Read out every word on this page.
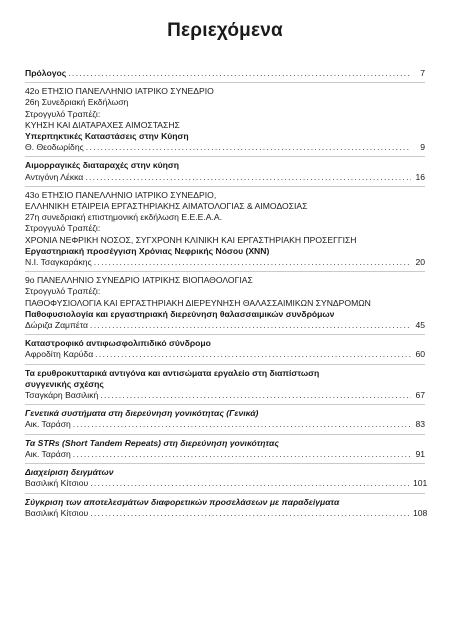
Περιεχόμενα
Πρόλογος .....	7
42ο ΕΤΗΣΙΟ ΠΑΝΕΛΛΗΝΙΟ ΙΑΤΡΙΚΟ ΣΥΝΕΔΡΙΟ
26η Συνεδριακή Εκδήλωση
Στρογγυλό Τραπέζι:
ΚΥΗΣΗ ΚΑΙ ΔΙΑΤΑΡΑΧΕΣ ΑΙΜΟΣΤΑΣΗΣ
Υπερπηκτικές Καταστάσεις στην Κύηση
Θ. Θεοδωρίδης .....	9
Αιμορραγικές διαταραχές στην κύηση
Αντιγόνη Λέκκα .....	16
43ο ΕΤΗΣΙΟ ΠΑΝΕΛΛΗΝΙΟ ΙΑΤΡΙΚΟ ΣΥΝΕΔΡΙΟ,
ΕΛΛΗΝΙΚΗ ΕΤΑΙΡΕΙΑ ΕΡΓΑΣΤΗΡΙΑΚΗΣ ΑΙΜΑΤΟΛΟΓΙΑΣ & ΑΙΜΟΔΟΣΙΑΣ
27η συνεδριακή επιστημονική εκδήλωση Ε.Ε.Ε.Α.Α.
Στρογγυλό Τραπέζι:
ΧΡΟΝΙΑ ΝΕΦΡΙΚΗ ΝΟΣΟΣ, ΣΥΓΧΡΟΝΗ ΚΛΙΝΙΚΗ ΚΑΙ ΕΡΓΑΣΤΗΡΙΑΚΗ ΠΡΟΣΕΓΓΙΣΗ
Εργαστηριακή προσέγγιση Χρόνιας Νεφρικής Νόσου (ΧΝΝ)
Ν.Ι. Τσαγκαράκης .....	20
9ο ΠΑΝΕΛΛΗΝΙΟ ΣΥΝΕΔΡΙΟ ΙΑΤΡΙΚΗΣ ΒΙΟΠΑΘΟΛΟΓΙΑΣ
Στρογγυλό Τραπέζι:
ΠΑΘΟΦΥΣΙΟΛΟΓΙΑ ΚΑΙ ΕΡΓΑΣΤΗΡΙΑΚΗ ΔΙΕΡΕΥΝΗΣΗ ΘΑΛΑΣΣΑΙΜΙΚΩΝ ΣΥΝΔΡΟΜΩΝ
Παθοφυσιολογία και εργαστηριακή διερεύνηση θαλασσαιμικών συνδρόμων
Δώριζα Ζαμπέτα .....	45
Καταστροφικό αντιφωσφολιπιδικό σύνδρομο
Αφροδίτη Καρύδα .....	60
Τα ερυθροκυτταρικά αντιγόνα και αντισώματα εργαλείο στη διαπίστωση
συγγενικής σχέσης
Τσαγκάρη Βασιλική .....	67
Γενετικά συστήματα στη διερεύνηση γονικότητας (Γενικά)
Αικ. Ταράση .....	83
Τα STRs (Short Tandem Repeats) στη διερεύνηση γονικότητας
Αικ. Ταράση .....	91
Διαχείριση δειγμάτων
Βασιλική Κίτσιου .....	101
Σύγκριση των αποτελεσμάτων διαφορετικών προσελάσεων με παραδείγματα
Βασιλική Κίτσιου .....	108
